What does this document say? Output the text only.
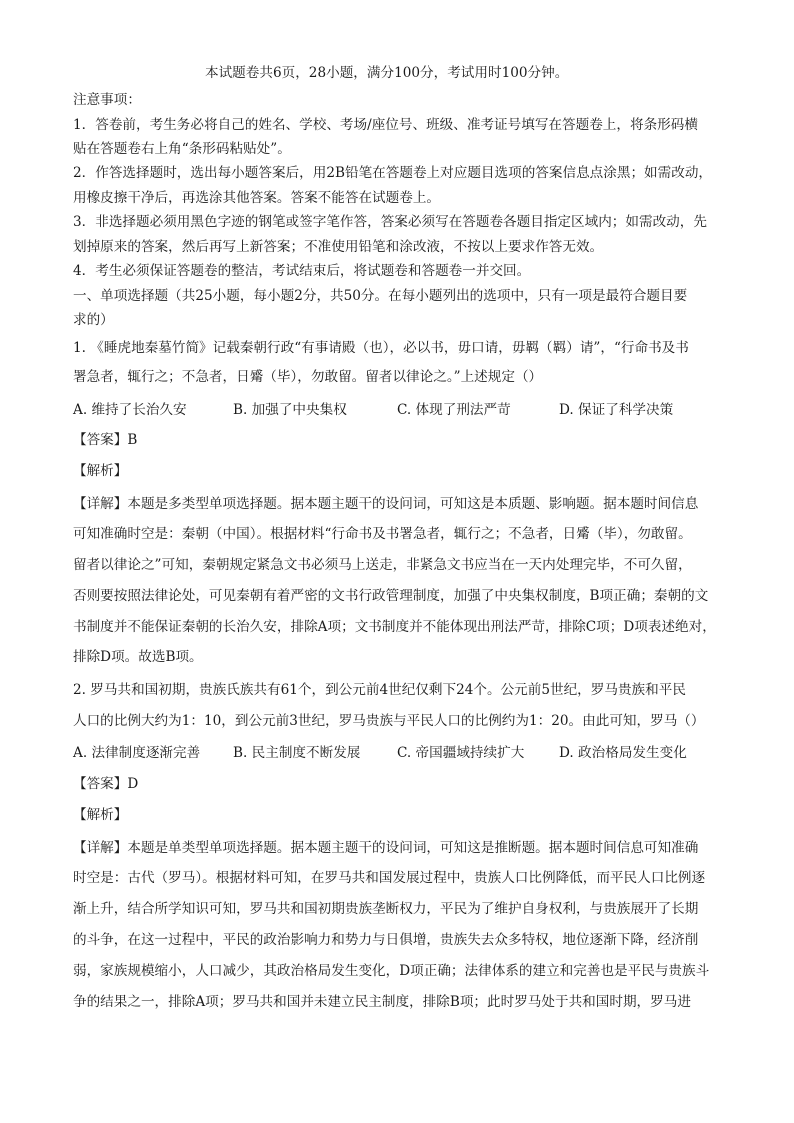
本试题卷共6页，28小题，满分100分，考试用时100分钟。
注意事项：
1．答卷前，考生务必将自己的姓名、学校、考场/座位号、班级、准考证号填写在答题卷上，将条形码横
贴在答题卷右上角“条形码粘贴处”。
2．作答选择题时，选出每小题答案后，用2B铅笔在答题卷上对应题目选项的答案信息点涂黑；如需改动，
用橡皮擦干净后，再选涂其他答案。答案不能答在试题卷上。
3．非选择题必须用黑色字迹的钢笔或签字笔作答，答案必须写在答题卷各题目指定区域内；如需改动，先
划掉原来的答案，然后再写上新答案；不准使用铅笔和涂改液，不按以上要求作答无效。
4．考生必须保证答题卷的整洁，考试结束后，将试题卷和答题卷一并交回。
一、单项选择题（共25小题，每小题2分，共50分。在每小题列出的选项中，只有一项是最符合题目要
求的）
1. 《睡虎地秦墓竹简》记载秦朝行政“有事请殿（也），必以书，毋口请，毋羁（羁）请”，“行命书及书
署急者，辄行之；不急者，日觱（毕），勿敢留。留者以律论之。”上述规定（）
A. 维持了长治久安	B. 加强了中央集权	C. 体现了刑法严苛	D. 保证了科学决策
【答案】B
【解析】
【详解】本题是多类型单项选择题。据本题主题干的设问词，可知这是本质题、影响题。据本题时间信息
可知准确时空是：秦朝（中国）。根据材料“行命书及书署急者，辄行之；不急者，日觱（毕），勿敢留。
留者以律论之”可知，秦朝规定紧急文书必须马上送走，非紧急文书应当在一天内处理完毕，不可久留，
否则要按照法律论处，可见秦朝有着严密的文书行政管理制度，加强了中央集权制度，B项正确；秦朝的文
书制度并不能保证秦朝的长治久安，排除A项；文书制度并不能体现出刑法严苛，排除C项；D项表述绝对，
排除D项。故选B项。
2. 罗马共和国初期，贵族氏族共有61个，到公元前4世纪仅剩下24个。公元前5世纪，罗马贵族和平民
人口的比例大约为1：10，到公元前3世纪，罗马贵族与平民人口的比例约为1：20。由此可知，罗马（）
A. 法律制度逐渐完善 B. 民主制度不断发展	C. 帝国疆域持续扩大	D. 政治格局发生变化
【答案】D
【解析】
【详解】本题是单类型单项选择题。据本题主题干的设问词，可知这是推断题。据本题时间信息可知准确
时空是：古代（罗马）。根据材料可知，在罗马共和国发展过程中，贵族人口比例降低，而平民人口比例逐
渐上升，结合所学知识可知，罗马共和国初期贵族垄断权力，平民为了维护自身权利，与贵族展开了长期
的斗争，在这一过程中，平民的政治影响力和势力与日俱增，贵族失去众多特权，地位逐渐下降，经济削
弱，家族规模缩小，人口减少，其政治格局发生变化，D项正确；法律体系的建立和完善也是平民与贵族斗
争的结果之一，排除A项；罗马共和国并未建立民主制度，排除B项；此时罗马处于共和国时期，罗马进
